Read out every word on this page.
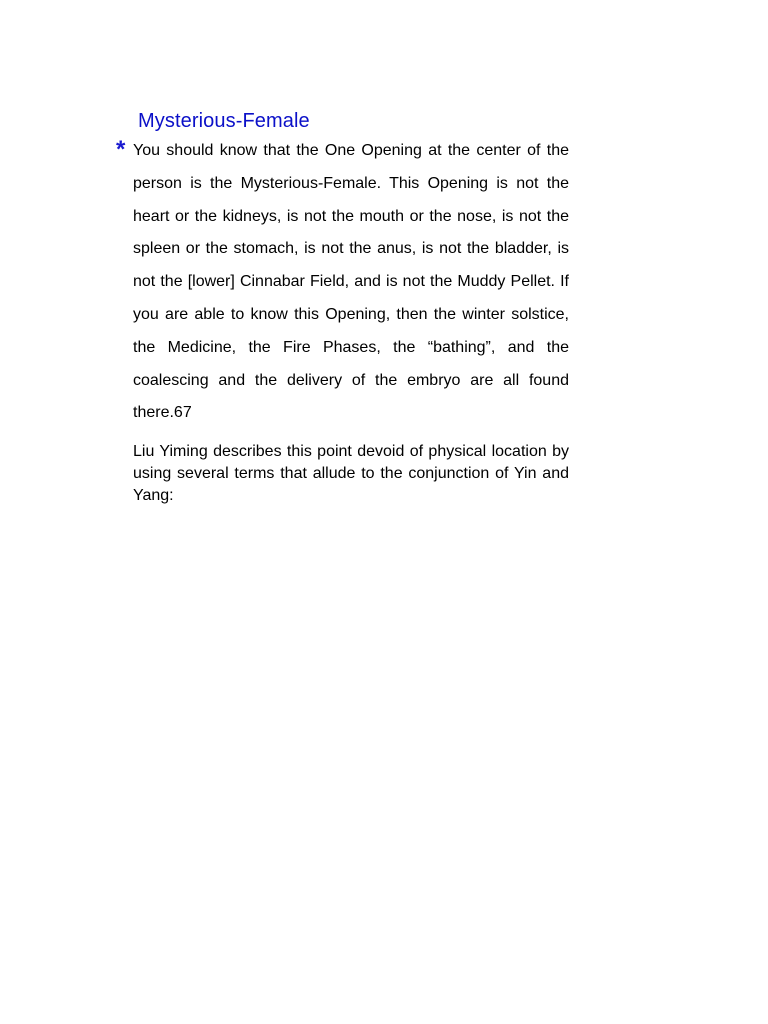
Mysterious-Female
* You should know that the One Opening at the center of the person is the Mysterious-Female. This Opening is not the heart or the kidneys, is not the mouth or the nose, is not the spleen or the stomach, is not the anus, is not the bladder, is not the [lower] Cinnabar Field, and is not the Muddy Pellet. If you are able to know this Opening, then the winter solstice, the Medicine, the Fire Phases, the “bathing”, and the coalescing and the delivery of the embryo are all found there.67

Liu Yiming describes this point devoid of physical location by using several terms that allude to the conjunction of Yin and Yang:
